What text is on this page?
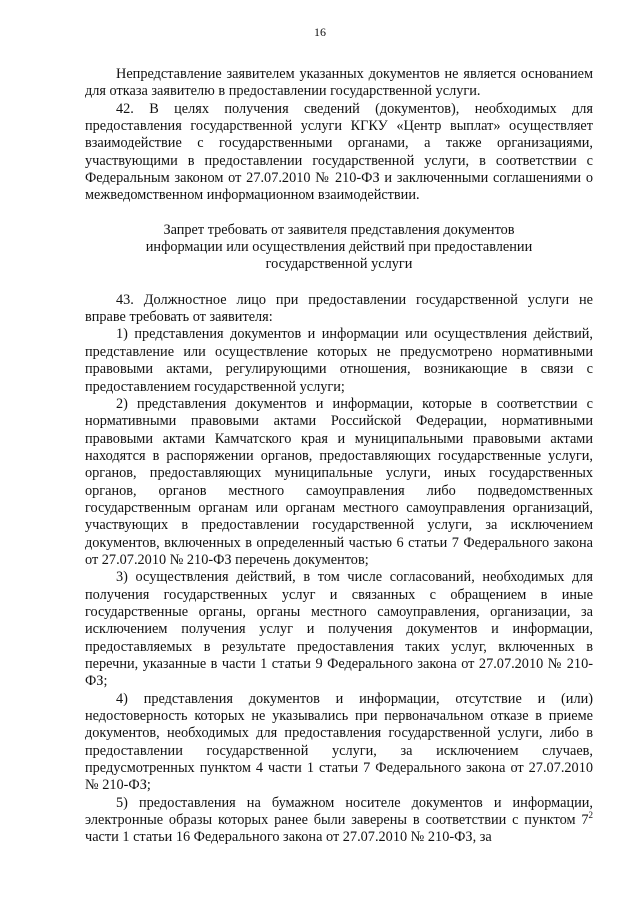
16

Непредставление заявителем указанных документов не является основанием для отказа заявителю в предоставлении государственной услуги.

42. В целях получения сведений (документов), необходимых для предоставления государственной услуги КГКУ «Центр выплат» осуществляет взаимодействие с государственными органами, а также организациями, участвующими в предоставлении государственной услуги, в соответствии с Федеральным законом от 27.07.2010 № 210-ФЗ и заключенными соглашениями о межведомственном информационном взаимодействии.

Запрет требовать от заявителя представления документов
информации или осуществления действий при предоставлении
государственной услуги

43. Должностное лицо при предоставлении государственной услуги не вправе требовать от заявителя:

1) представления документов и информации или осуществления действий, представление или осуществление которых не предусмотрено нормативными правовыми актами, регулирующими отношения, возникающие в связи с предоставлением государственной услуги;

2) представления документов и информации, которые в соответствии с нормативными правовыми актами Российской Федерации, нормативными правовыми актами Камчатского края и муниципальными правовыми актами находятся в распоряжении органов, предоставляющих государственные услуги, органов, предоставляющих муниципальные услуги, иных государственных органов, органов местного самоуправления либо подведомственных государственным органам или органам местного самоуправления организаций, участвующих в предоставлении государственной услуги, за исключением документов, включенных в определенный частью 6 статьи 7 Федерального закона от 27.07.2010 № 210-ФЗ перечень документов;

3) осуществления действий, в том числе согласований, необходимых для получения государственных услуг и связанных с обращением в иные государственные органы, органы местного самоуправления, организации, за исключением получения услуг и получения документов и информации, предоставляемых в результате предоставления таких услуг, включенных в перечни, указанные в части 1 статьи 9 Федерального закона от 27.07.2010 № 210-ФЗ;

4) представления документов и информации, отсутствие и (или) недостоверность которых не указывались при первоначальном отказе в приеме документов, необходимых для предоставления государственной услуги, либо в предоставлении государственной услуги, за исключением случаев, предусмотренных пунктом 4 части 1 статьи 7 Федерального закона от 27.07.2010 № 210-ФЗ;

5) предоставления на бумажном носителе документов и информации, электронные образы которых ранее были заверены в соответствии с пунктом $7^2$ части 1 статьи 16 Федерального закона от 27.07.2010 № 210-ФЗ, за
